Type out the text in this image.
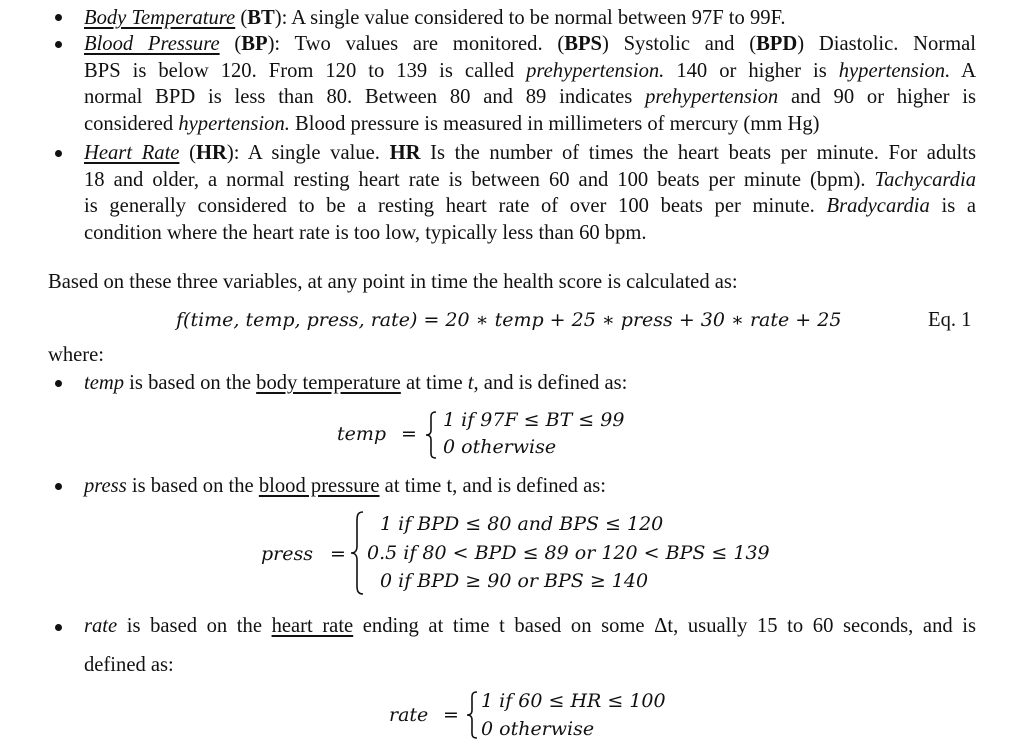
Body Temperature (BT): A single value considered to be normal between 97F to 99F.
Blood Pressure (BP): Two values are monitored. (BPS) Systolic and (BPD) Diastolic. Normal
BPS is below 120. From 120 to 139 is called prehypertension. 140 or higher is hypertension. A
normal BPD is less than 80. Between 80 and 89 indicates prehypertension and 90 or higher is
considered hypertension. Blood pressure is measured in millimeters of mercury (mm Hg)
Heart Rate (HR): A single value. HR Is the number of times the heart beats per minute. For adults
18 and older, a normal resting heart rate is between 60 and 100 beats per minute (bpm). Tachycardia
is generally considered to be a resting heart rate of over 100 beats per minute. Bradycardia is a
condition where the heart rate is too low, typically less than 60 bpm.
Based on these three variables, at any point in time the health score is calculated as:
f(time, temp, press, rate) = 20 ∗ temp + 25 ∗ press + 30 ∗ rate + 25	Eq. 1
where:
temp is based on the body temperature at time t, and is defined as:
temp =
1 if 97F ≤ BT ≤ 99
0 otherwise
press is based on the blood pressure at time t, and is defined as:
press =
1 if BPD ≤ 80 and BPS ≤ 120
0.5 if 80 < BPD ≤ 89 or 120 < BPS ≤ 139
0 if BPD ≥ 90 or BPS ≥ 140
rate is based on the heart rate ending at time t based on some Δt, usually 15 to 60 seconds, and is
defined as:
rate =
1 if 60 ≤ HR ≤ 100
0 otherwise
